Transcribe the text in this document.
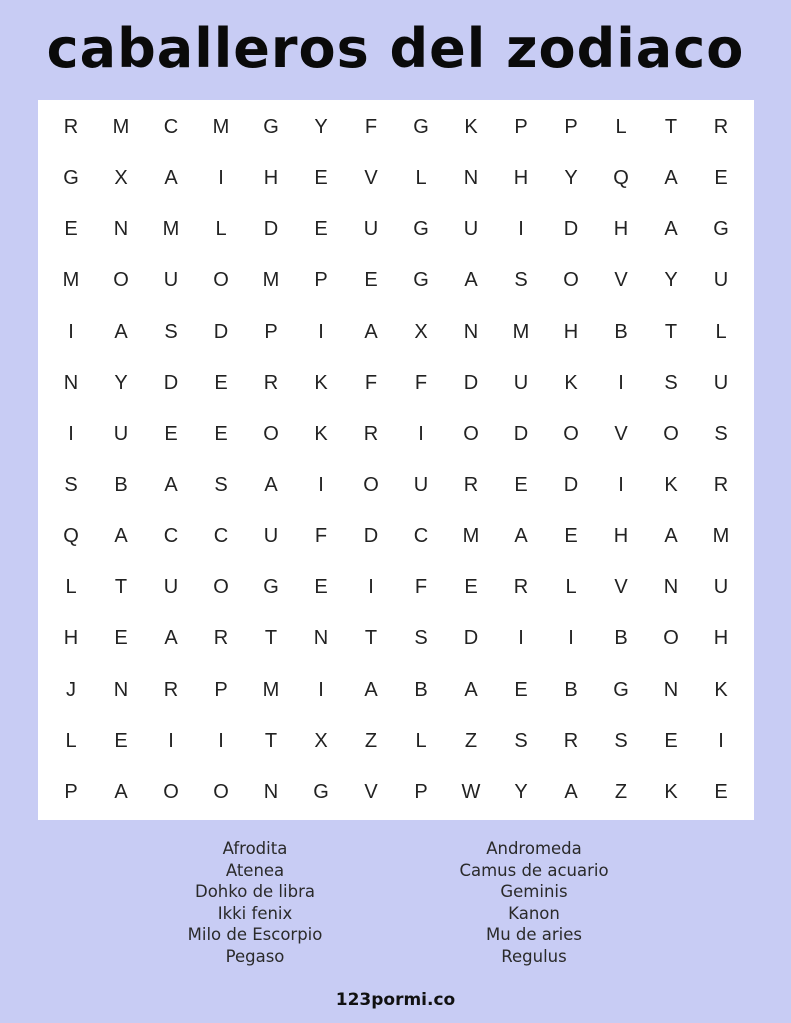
caballeros del zodiaco
R	M	C	M	G	Y	F	G	K	P	P	L	T	R
G	X	A	I	H	E	V	L	N	H	Y	Q	A	E
E	N	M	L	D	E	U	G	U	I	D	H	A	G
M	O	U	O	M	P	E	G	A	S	O	V	Y	U
I	A	S	D	P	I	A	X	N	M	H	B	T	L
N	Y	D	E	R	K	F	F	D	U	K	I	S	U
I	U	E	E	O	K	R	I	O	D	O	V	O	S
S	B	A	S	A	I	O	U	R	E	D	I	K	R
Q	A	C	C	U	F	D	C	M	A	E	H	A	M
L	T	U	O	G	E	I	F	E	R	L	V	N	U
H	E	A	R	T	N	T	S	D	I	I	B	O	H
J	N	R	P	M	I	A	B	A	E	B	G	N	K
L	E	I	I	T	X	Z	L	Z	S	R	S	E	I
P	A	O	O	N	G	V	P	W	Y	A	Z	K	E
Afrodita
Atenea
Dohko de libra
Ikki fenix
Milo de Escorpio
Pegaso
Andromeda
Camus de acuario
Geminis
Kanon
Mu de aries
Regulus
123pormi.co
